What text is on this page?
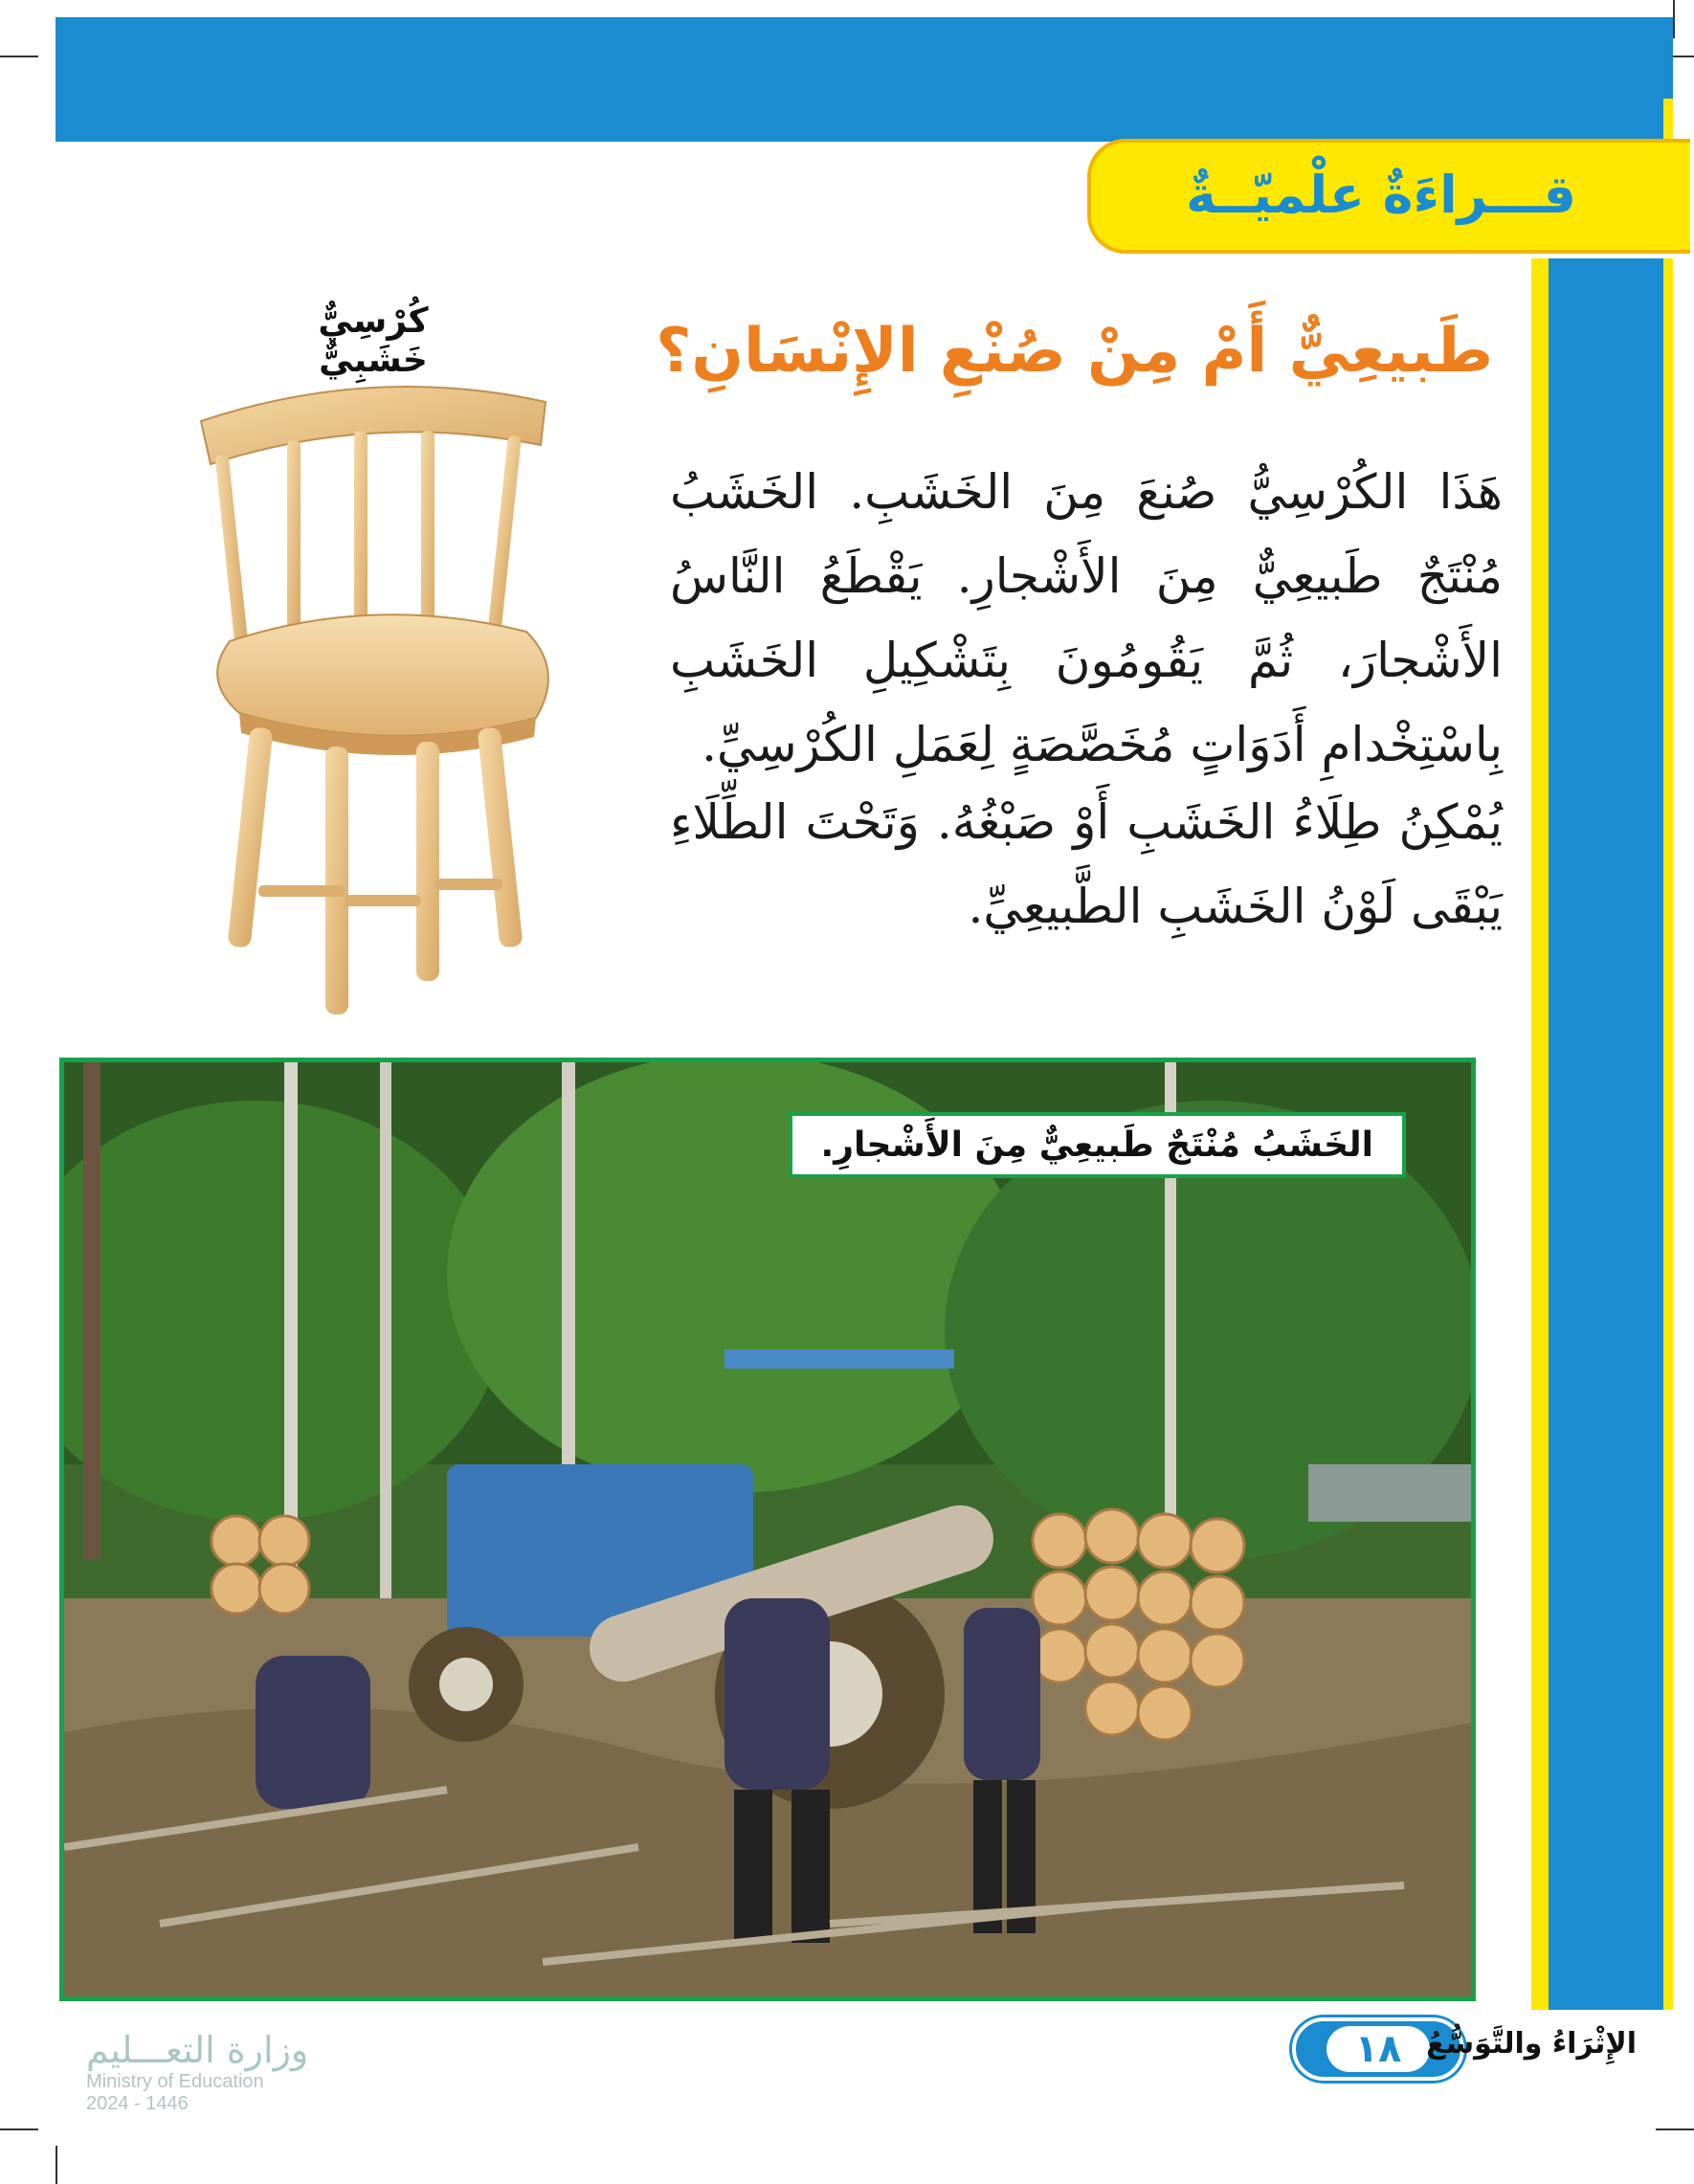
قـــراءَةٌ علْميّــةٌ
كُرْسِيٌّ خَشَبِيٌّ	طَبيعِيٌّ أَمْ مِنْ صُنْعِ الإِنْسَانِ؟
هَذَا الكُرْسِيُّ صُنعَ مِنَ الخَشَبِ. الخَشَبُ مُنْتَجٌ طَبيعِيٌّ مِنَ الأَشْجارِ. يَقْطَعُ النَّاسُ الأَشْجارَ، ثُمَّ يَقُومُونَ بِتَشْكِيلِ الخَشَبِ بِاسْتِخْدامِ أَدَوَاتٍ مُخَصَّصَةٍ لِعَمَلِ الكُرْسِيِّ.
يُمْكِنُ طِلَاءُ الخَشَبِ أَوْ صَبْغُهُ. وَتَحْتَ الطِّلَاءِ يَبْقَى لَوْنُ الخَشَبِ الطَّبيعِيِّ.
الخَشَبُ مُنْتَجٌ طَبيعِيٌّ مِنَ الأَشْجارِ.
وزارة التعـــليم
Ministry of Education
2024 - 1446
١٨ الإِثْرَاءُ والتَّوَسُّعُ
